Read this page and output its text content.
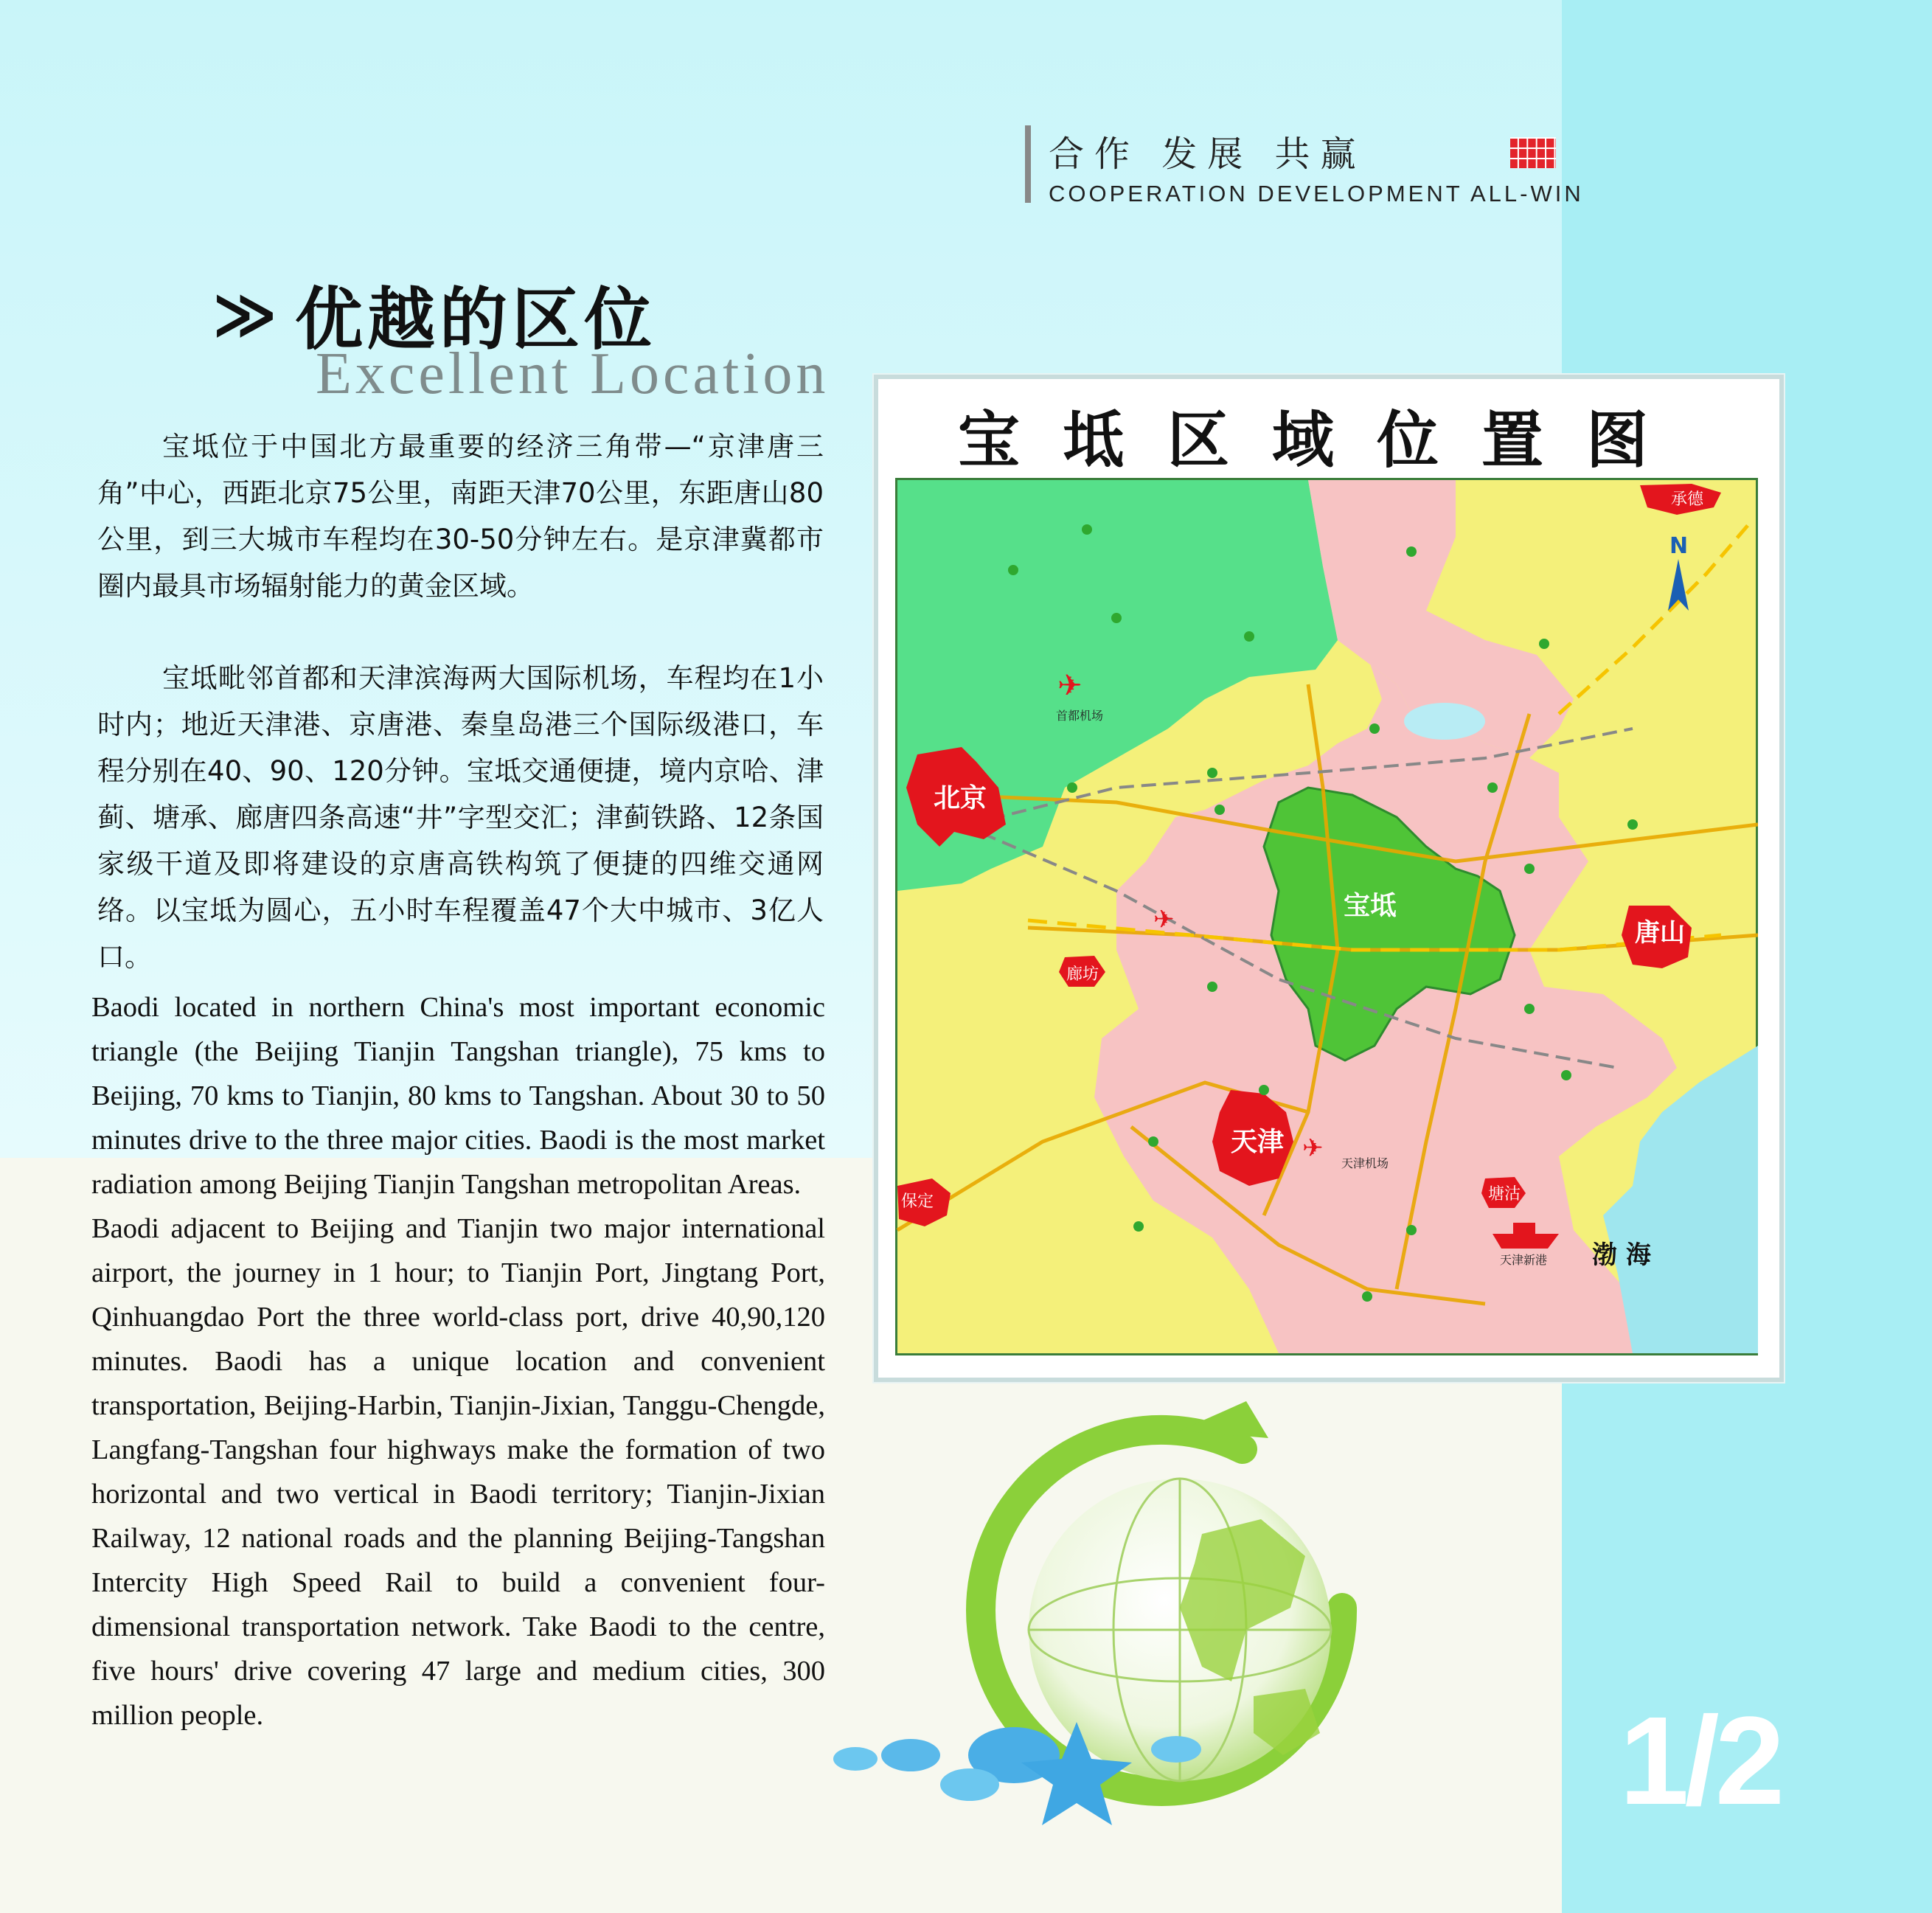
合作 发展 共赢
COOPERATION DEVELOPMENT ALL-WIN
≫ 优越的区位
Excellent Location

宝坻位于中国北方最重要的经济三角带—“京津唐三角”中心，西距北京75公里，南距天津70公里，东距唐山80公里，到三大城市车程均在30-50分钟左右。是京津冀都市圈内最具市场辐射能力的黄金区域。

宝坻毗邻首都和天津滨海两大国际机场，车程均在1小时内；地近天津港、京唐港、秦皇岛港三个国际级港口，车程分别在40、90、120分钟。宝坻交通便捷，境内京哈、津蓟、塘承、廊唐四条高速“井”字型交汇；津蓟铁路、12条国家级干道及即将建设的京唐高铁构筑了便捷的四维交通网络。以宝坻为圆心，五小时车程覆盖47个大中城市、3亿人口。

Baodi located in northern China's most important economic triangle (the Beijing Tianjin Tangshan triangle), 75 kms to Beijing, 70 kms to Tianjin, 80 kms to Tangshan. About 30 to 50 minutes drive to the three major cities. Baodi is the most market radiation among Beijing Tianjin Tangshan metropolitan Areas.

Baodi adjacent to Beijing and Tianjin two major international airport, the journey in 1 hour; to Tianjin Port, Jingtang Port, Qinhuangdao Port the three world-class port, drive 40,90,120 minutes. Baodi has a unique location and convenient transportation, Beijing-Harbin, Tianjin-Jixian, Tanggu-Chengde, Langfang-Tangshan four highways make the formation of two horizontal and two vertical in Baodi territory; Tianjin-Jixian Railway, 12 national roads and the planning Beijing-Tangshan Intercity High Speed Rail to build a convenient four-dimensional transportation network. Take Baodi to the centre, five hours' drive covering 47 large and medium cities, 300 million people.

宝坻区域位置图
北京
天津
唐山
宝坻
廊坊
保定
承德
塘沽
✈
首都机场
✈
天津机场
✈
天津新港 渤 海
N
1/2
